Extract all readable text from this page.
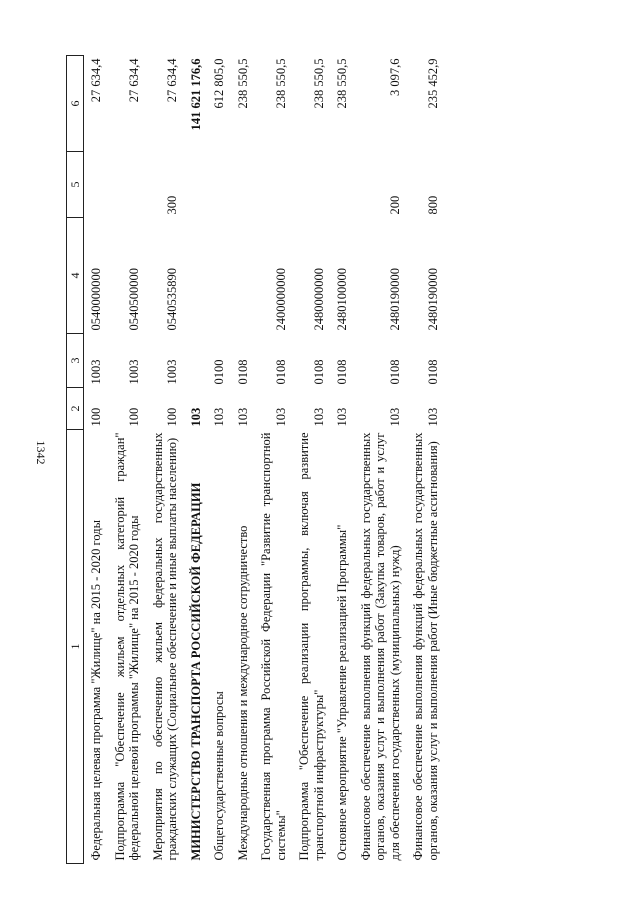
1342
1	2	3	4	5	6
Федеральная целевая программа "Жилище" на 2015 - 2020 годы	100	1003	0540000000		27 634,4
Подпрограмма "Обеспечение жильем отдельных категорий граждан" федеральной целевой программы "Жилище" на 2015 - 2020 годы	100	1003	0540500000		27 634,4
Мероприятия по обеспечению жильем федеральных государственных гражданских служащих (Социальное обеспечение и иные выплаты населению)	100	1003	0540535890	300	27 634,4
МИНИСТЕРСТВО ТРАНСПОРТА РОССИЙСКОЙ ФЕДЕРАЦИИ	103				141 621 176,6
Общегосударственные вопросы	103	0100			612 805,0
Международные отношения и международное сотрудничество	103	0108			238 550,5
Государственная программа Российской Федерации "Развитие транспортной системы"	103	0108	2400000000		238 550,5
Подпрограмма "Обеспечение реализации программы, включая развитие транспортной инфраструктуры"	103	0108	2480000000		238 550,5
Основное мероприятие "Управление реализацией Программы"	103	0108	2480100000		238 550,5
Финансовое обеспечение выполнения функций федеральных государственных органов, оказания услуг и выполнения работ (Закупка товаров, работ и услуг для обеспечения государственных (муниципальных) нужд)	103	0108	2480190000	200	3 097,6
Финансовое обеспечение выполнения функций федеральных государственных органов, оказания услуг и выполнения работ (Иные бюджетные ассигнования)	103	0108	2480190000	800	235 452,9
